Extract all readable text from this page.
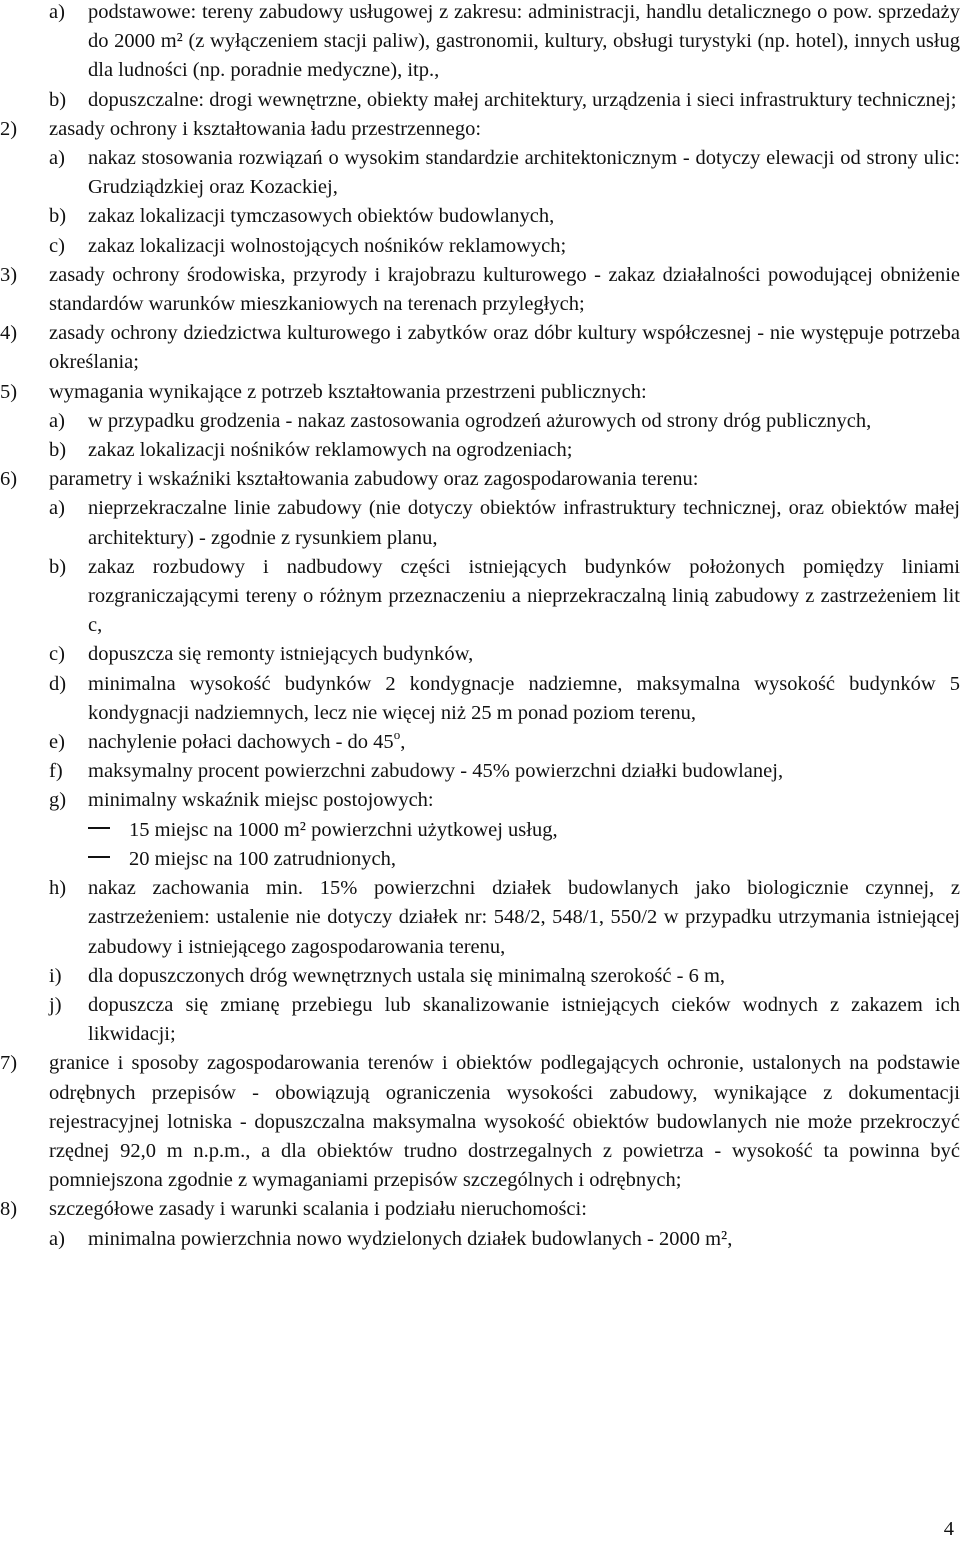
a)	podstawowe: tereny zabudowy usługowej z zakresu: administracji, handlu detalicznego o pow. sprzedaży do 2000 m² (z wyłączeniem stacji paliw), gastronomii, kultury, obsługi turystyki (np. hotel), innych usług dla ludności (np. poradnie medyczne), itp.,
b)	dopuszczalne: drogi wewnętrzne, obiekty małej architektury, urządzenia i sieci infrastruktury technicznej;
2)	zasady ochrony i kształtowania ładu przestrzennego:
a)	nakaz stosowania rozwiązań o wysokim standardzie architektonicznym - dotyczy elewacji od strony ulic: Grudziądzkiej oraz Kozackiej,
b)	zakaz lokalizacji tymczasowych obiektów budowlanych,
c)	zakaz lokalizacji wolnostojących nośników reklamowych;
3)	zasady ochrony środowiska, przyrody i krajobrazu kulturowego - zakaz działalności powodującej obniżenie standardów warunków mieszkaniowych na terenach przyległych;
4)	zasady ochrony dziedzictwa kulturowego i zabytków oraz dóbr kultury współczesnej - nie występuje potrzeba określania;
5)	wymagania wynikające z potrzeb kształtowania przestrzeni publicznych:
a)	w przypadku grodzenia - nakaz zastosowania ogrodzeń ażurowych od strony dróg publicznych,
b)	zakaz lokalizacji nośników reklamowych na ogrodzeniach;
6)	parametry i wskaźniki kształtowania zabudowy oraz zagospodarowania terenu:
a)	nieprzekraczalne linie zabudowy (nie dotyczy obiektów infrastruktury technicznej, oraz obiektów małej architektury) - zgodnie z rysunkiem planu,
b)	zakaz rozbudowy i nadbudowy części istniejących budynków położonych pomiędzy liniami rozgraniczającymi tereny o różnym przeznaczeniu a nieprzekraczalną linią zabudowy z zastrzeżeniem lit c,
c)	dopuszcza się remonty istniejących budynków,
d)	minimalna wysokość budynków 2 kondygnacje nadziemne, maksymalna wysokość budynków 5 kondygnacji nadziemnych, lecz nie więcej niż 25 m ponad poziom terenu,
e)	nachylenie połaci dachowych - do 45$^o$,
f)	maksymalny procent powierzchni zabudowy - 45% powierzchni działki budowlanej,
g)	minimalny wskaźnik miejsc postojowych:
15 miejsc na 1000 m² powierzchni użytkowej usług,
20 miejsc na 100 zatrudnionych,
h)	nakaz zachowania min. 15% powierzchni działek budowlanych jako biologicznie czynnej, z zastrzeżeniem: ustalenie nie dotyczy działek nr: 548/2, 548/1, 550/2 w przypadku utrzymania istniejącej zabudowy i istniejącego zagospodarowania terenu,
i)	dla dopuszczonych dróg wewnętrznych ustala się minimalną szerokość - 6 m,
j)	dopuszcza się zmianę przebiegu lub skanalizowanie istniejących cieków wodnych z zakazem ich likwidacji;
7)	granice i sposoby zagospodarowania terenów i obiektów podlegających ochronie, ustalonych na podstawie odrębnych przepisów - obowiązują ograniczenia wysokości zabudowy, wynikające z dokumentacji rejestracyjnej lotniska - dopuszczalna maksymalna wysokość obiektów budowlanych nie może przekroczyć rzędnej 92,0 m n.p.m., a dla obiektów trudno dostrzegalnych z powietrza - wysokość ta powinna być pomniejszona zgodnie z wymaganiami przepisów szczególnych i odrębnych;
8)	szczegółowe zasady i warunki scalania i podziału nieruchomości:
a)	minimalna powierzchnia nowo wydzielonych działek budowlanych - 2000 m²,
4
